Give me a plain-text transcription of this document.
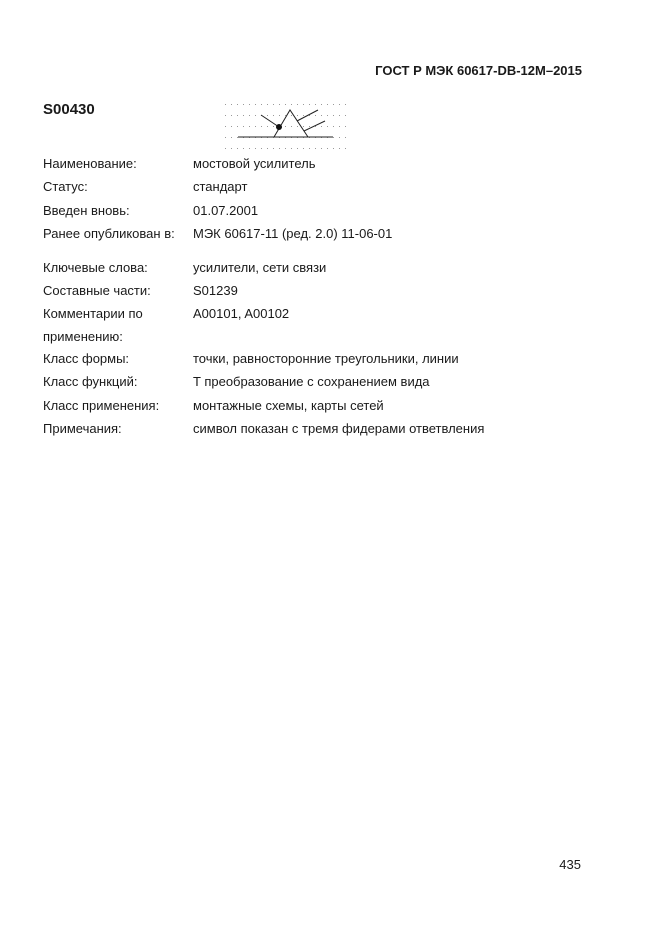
ГОСТ Р МЭК 60617-DB-12M–2015
S00430
Наименование:	мостовой усилитель
Статус:	стандарт
Введен вновь:	01.07.2001
Ранее опубликован в: МЭК 60617-11 (ред. 2.0) 11-06-01
Ключевые слова:	усилители, сети связи
Составные части:	S01239
Комментарии по	A00101, A00102
применению:
Класс формы:	точки, равносторонние треугольники, линии
Класс функций:	T преобразование с сохранением вида
Класс применения:	монтажные схемы, карты сетей
Примечания:	символ показан с тремя фидерами ответвления
435
